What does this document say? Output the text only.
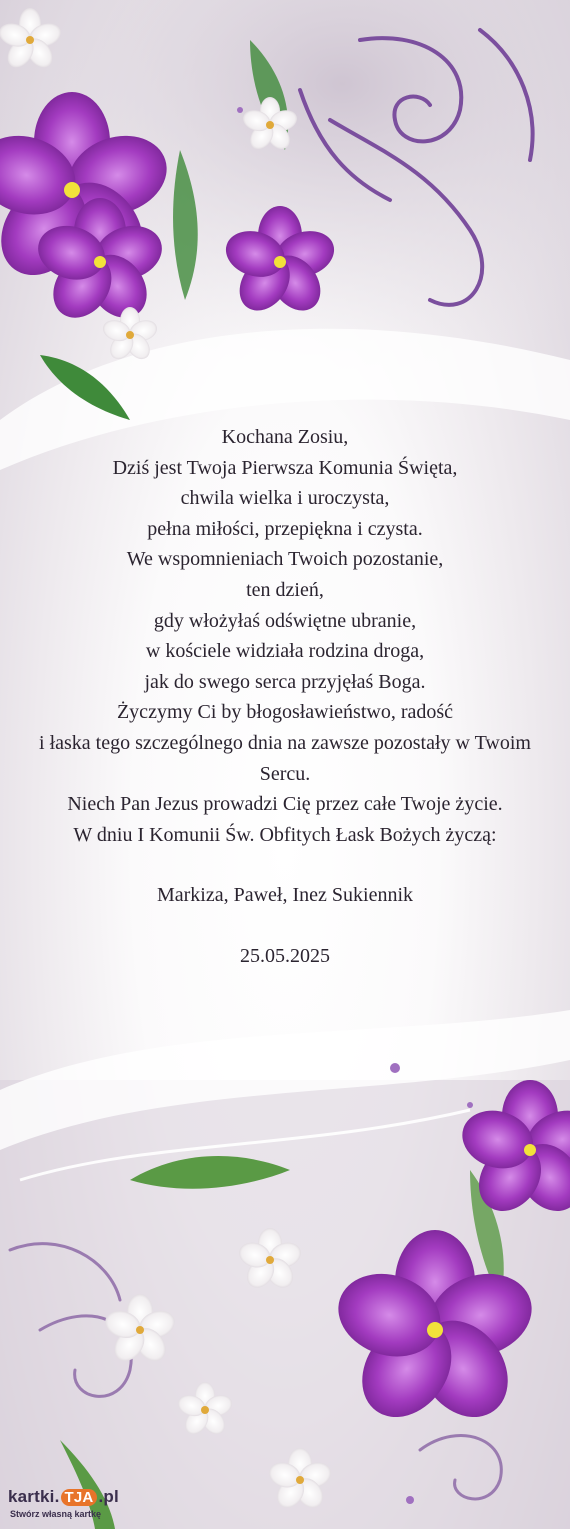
Kochana Zosiu,
Dziś jest Twoja Pierwsza Komunia Święta,
chwila wielka i uroczysta,
pełna miłości, przepiękna i czysta.
We wspomnieniach Twoich pozostanie,
ten dzień,
gdy włożyłaś odświętne ubranie,
w kościele widziała rodzina droga,
jak do swego serca przyjęłaś Boga.
Życzymy Ci by błogosławieństwo, radość
i łaska tego szczególnego dnia na zawsze pozostały w Twoim Sercu.
Niech Pan Jezus prowadzi Cię przez całe Twoje życie.
W dniu I Komunii Św. Obfitych Łask Bożych życzą:
Markiza, Paweł, Inez Sukiennik
25.05.2025
kartki. TJA .pl
Stwórz własną kartkę
